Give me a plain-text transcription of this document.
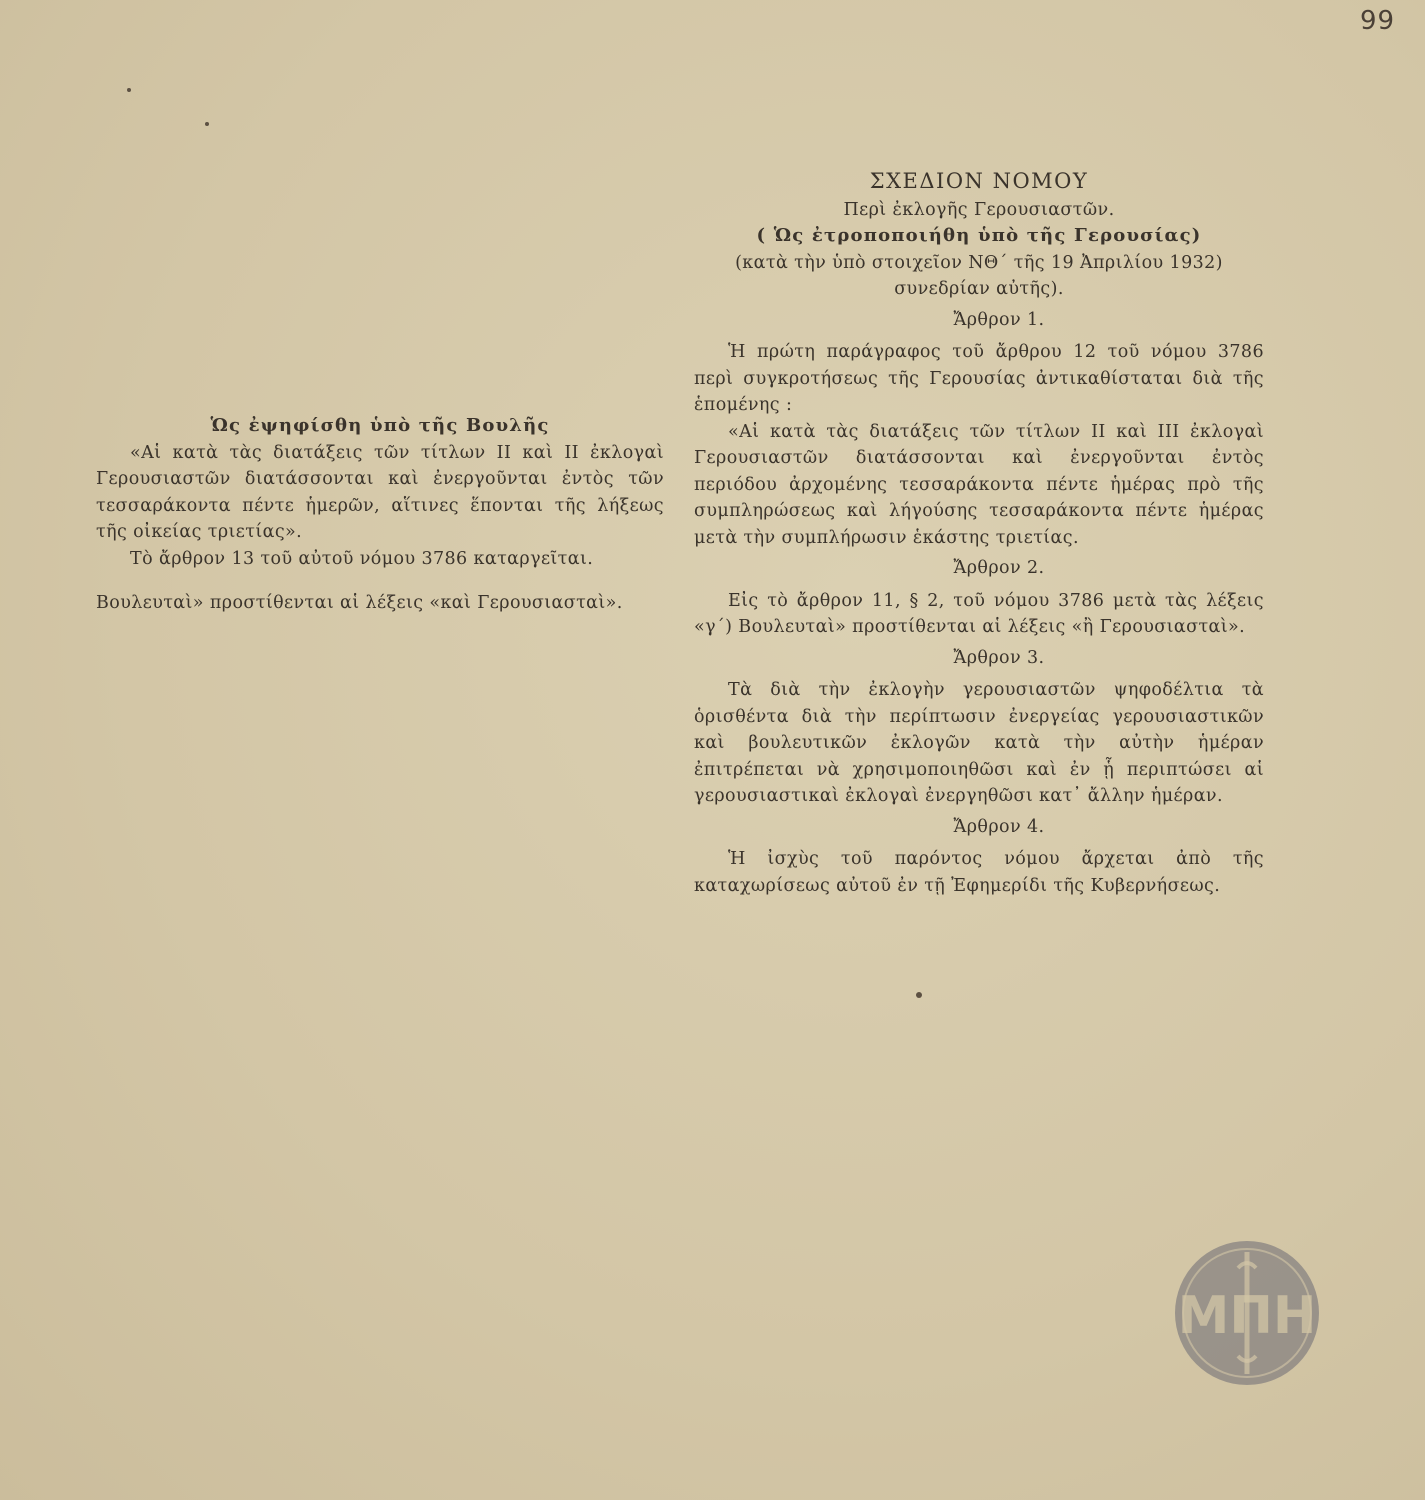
99
Ὡς ἐψηφίσθη ὑπὸ τῆς Βουλῆς
«Αἱ κατὰ τὰς διατάξεις τῶν τίτλων ΙΙ καὶ ΙΙ ἐκλογαὶ Γερουσιαστῶν διατάσσονται καὶ ἐνεργοῦνται ἐντὸς τῶν τεσσαράκοντα πέντε ἡμερῶν, αἵτινες ἕπονται τῆς λήξεως τῆς οἰκείας τριετίας».
Τὸ ἄρθρον 13 τοῦ αὐτοῦ νόμου 3786 καταργεῖται.
Βουλευταὶ» προστίθενται αἱ λέξεις «καὶ Γερουσιασταὶ».
ΣΧΕΔΙΟΝ ΝΟΜΟΥ
Περὶ ἐκλογῆς Γερουσιαστῶν.
( Ὡς ἐτροποποιήθη ὑπὸ τῆς Γερουσίας)
(κατὰ τὴν ὑπὸ στοιχεῖον ΝΘ΄ τῆς 19 Ἀπριλίου 1932)
συνεδρίαν αὐτῆς).
Ἄρθρον 1.
Ἡ πρώτη παράγραφος τοῦ ἄρθρου 12 τοῦ νόμου 3786 περὶ συγκροτήσεως τῆς Γερουσίας ἀντικαθίσταται διὰ τῆς ἑπομένης :
«Αἱ κατὰ τὰς διατάξεις τῶν τίτλων ΙΙ καὶ ΙΙΙ ἐκλογαὶ Γερουσιαστῶν διατάσσονται καὶ ἐνεργοῦνται ἐντὸς περιόδου ἀρχομένης τεσσαράκοντα πέντε ἡμέρας πρὸ τῆς συμπληρώσεως καὶ λήγούσης τεσσαράκοντα πέντε ἡμέρας μετὰ τὴν συμπλήρωσιν ἑκάστης τριετίας.
Ἄρθρον 2.
Εἰς τὸ ἄρθρον 11, § 2, τοῦ νόμου 3786 μετὰ τὰς λέξεις «γ΄) Βουλευταὶ» προστίθενται αἱ λέξεις «ἢ Γερουσιασταὶ».
Ἄρθρον 3.
Τὰ διὰ τὴν ἐκλογὴν γερουσιαστῶν ψηφοδέλτια τὰ ὁρισθέντα διὰ τὴν περίπτωσιν ἐνεργείας γερουσιαστικῶν καὶ βουλευτικῶν ἐκλογῶν κατὰ τὴν αὐτὴν ἡμέραν ἐπιτρέπεται νὰ χρησιμοποιηθῶσι καὶ ἐν ᾗ περιπτώσει αἱ γερουσιαστικαὶ ἐκλογαὶ ἐνεργηθῶσι κατ᾿ ἄλλην ἡμέραν.
Ἄρθρον 4.
Ἡ ἰσχὺς τοῦ παρόντος νόμου ἄρχεται ἀπὸ τῆς καταχωρίσεως αὐτοῦ ἐν τῇ Ἐφημερίδι τῆς Κυβερνήσεως.
ΜΠΗ
